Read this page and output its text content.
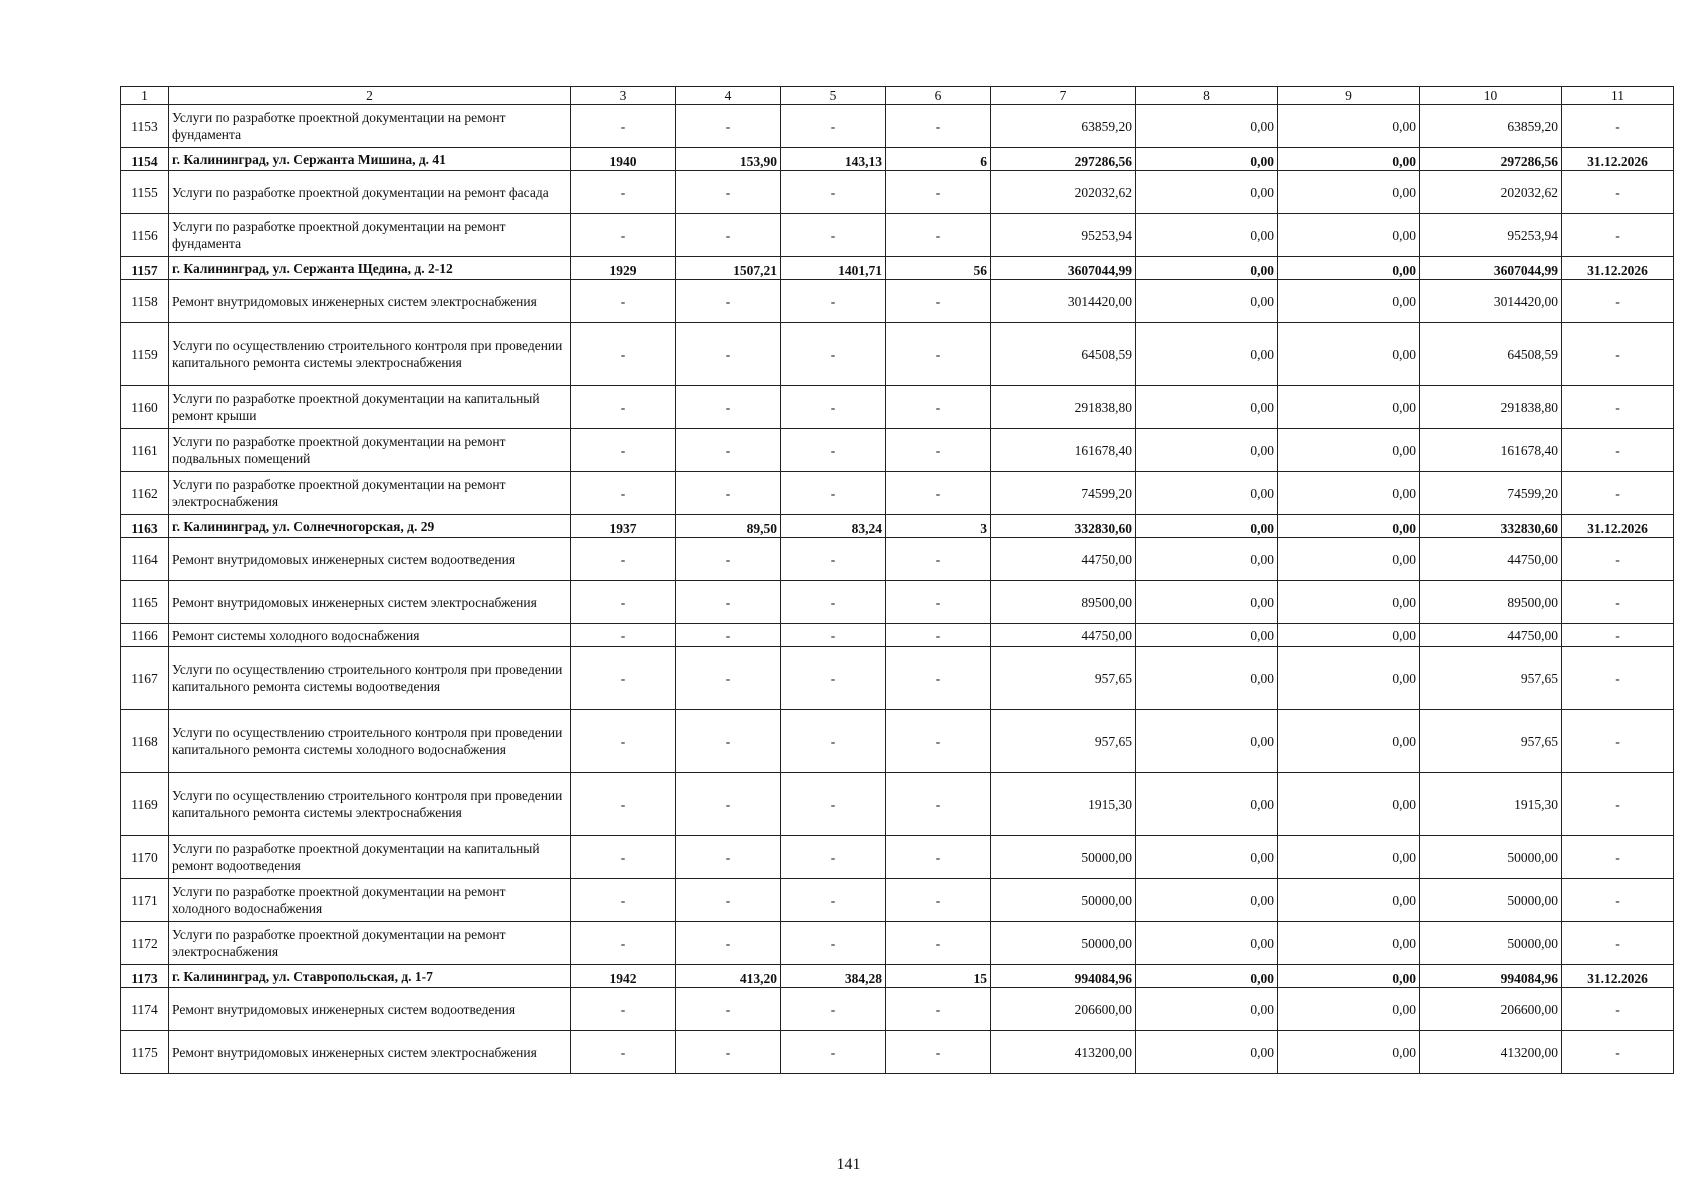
1	2	3	4	5	6	7	8	9	10	11
1153	Услуги по разработке проектной документации на ремонт фундамента	-	-	-	-	63859,20	0,00	0,00	63859,20	-
1154	г. Калининград, ул. Сержанта Мишина, д. 41	1940	153,90	143,13	6	297286,56	0,00	0,00	297286,56	31.12.2026
1155	Услуги по разработке проектной документации на ремонт фасада	-	-	-	-	202032,62	0,00	0,00	202032,62	-
1156	Услуги по разработке проектной документации на ремонт фундамента	-	-	-	-	95253,94	0,00	0,00	95253,94	-
1157	г. Калининград, ул. Сержанта Щедина, д. 2-12	1929	1507,21	1401,71	56	3607044,99	0,00	0,00	3607044,99	31.12.2026
1158	Ремонт внутридомовых инженерных систем электроснабжения	-	-	-	-	3014420,00	0,00	0,00	3014420,00	-
1159	Услуги по осуществлению строительного контроля при проведении капитального ремонта системы электроснабжения	-	-	-	-	64508,59	0,00	0,00	64508,59	-
1160	Услуги по разработке проектной документации на капитальный ремонт крыши	-	-	-	-	291838,80	0,00	0,00	291838,80	-
1161	Услуги по разработке проектной документации на ремонт подвальных помещений	-	-	-	-	161678,40	0,00	0,00	161678,40	-
1162	Услуги по разработке проектной документации на ремонт электроснабжения	-	-	-	-	74599,20	0,00	0,00	74599,20	-
1163	г. Калининград, ул. Солнечногорская, д. 29	1937	89,50	83,24	3	332830,60	0,00	0,00	332830,60	31.12.2026
1164	Ремонт внутридомовых инженерных систем водоотведения	-	-	-	-	44750,00	0,00	0,00	44750,00	-
1165	Ремонт внутридомовых инженерных систем электроснабжения	-	-	-	-	89500,00	0,00	0,00	89500,00	-
1166	Ремонт системы холодного водоснабжения	-	-	-	-	44750,00	0,00	0,00	44750,00	-
1167	Услуги по осуществлению строительного контроля при проведении капитального ремонта системы водоотведения	-	-	-	-	957,65	0,00	0,00	957,65	-
1168	Услуги по осуществлению строительного контроля при проведении капитального ремонта системы холодного водоснабжения	-	-	-	-	957,65	0,00	0,00	957,65	-
1169	Услуги по осуществлению строительного контроля при проведении капитального ремонта системы электроснабжения	-	-	-	-	1915,30	0,00	0,00	1915,30	-
1170	Услуги по разработке проектной документации на капитальный ремонт водоотведения	-	-	-	-	50000,00	0,00	0,00	50000,00	-
1171	Услуги по разработке проектной документации на ремонт холодного водоснабжения	-	-	-	-	50000,00	0,00	0,00	50000,00	-
1172	Услуги по разработке проектной документации на ремонт электроснабжения	-	-	-	-	50000,00	0,00	0,00	50000,00	-
1173	г. Калининград, ул. Ставропольская, д. 1-7	1942	413,20	384,28	15	994084,96	0,00	0,00	994084,96	31.12.2026
1174	Ремонт внутридомовых инженерных систем водоотведения	-	-	-	-	206600,00	0,00	0,00	206600,00	-
1175	Ремонт внутридомовых инженерных систем электроснабжения	-	-	-	-	413200,00	0,00	0,00	413200,00	-
141
